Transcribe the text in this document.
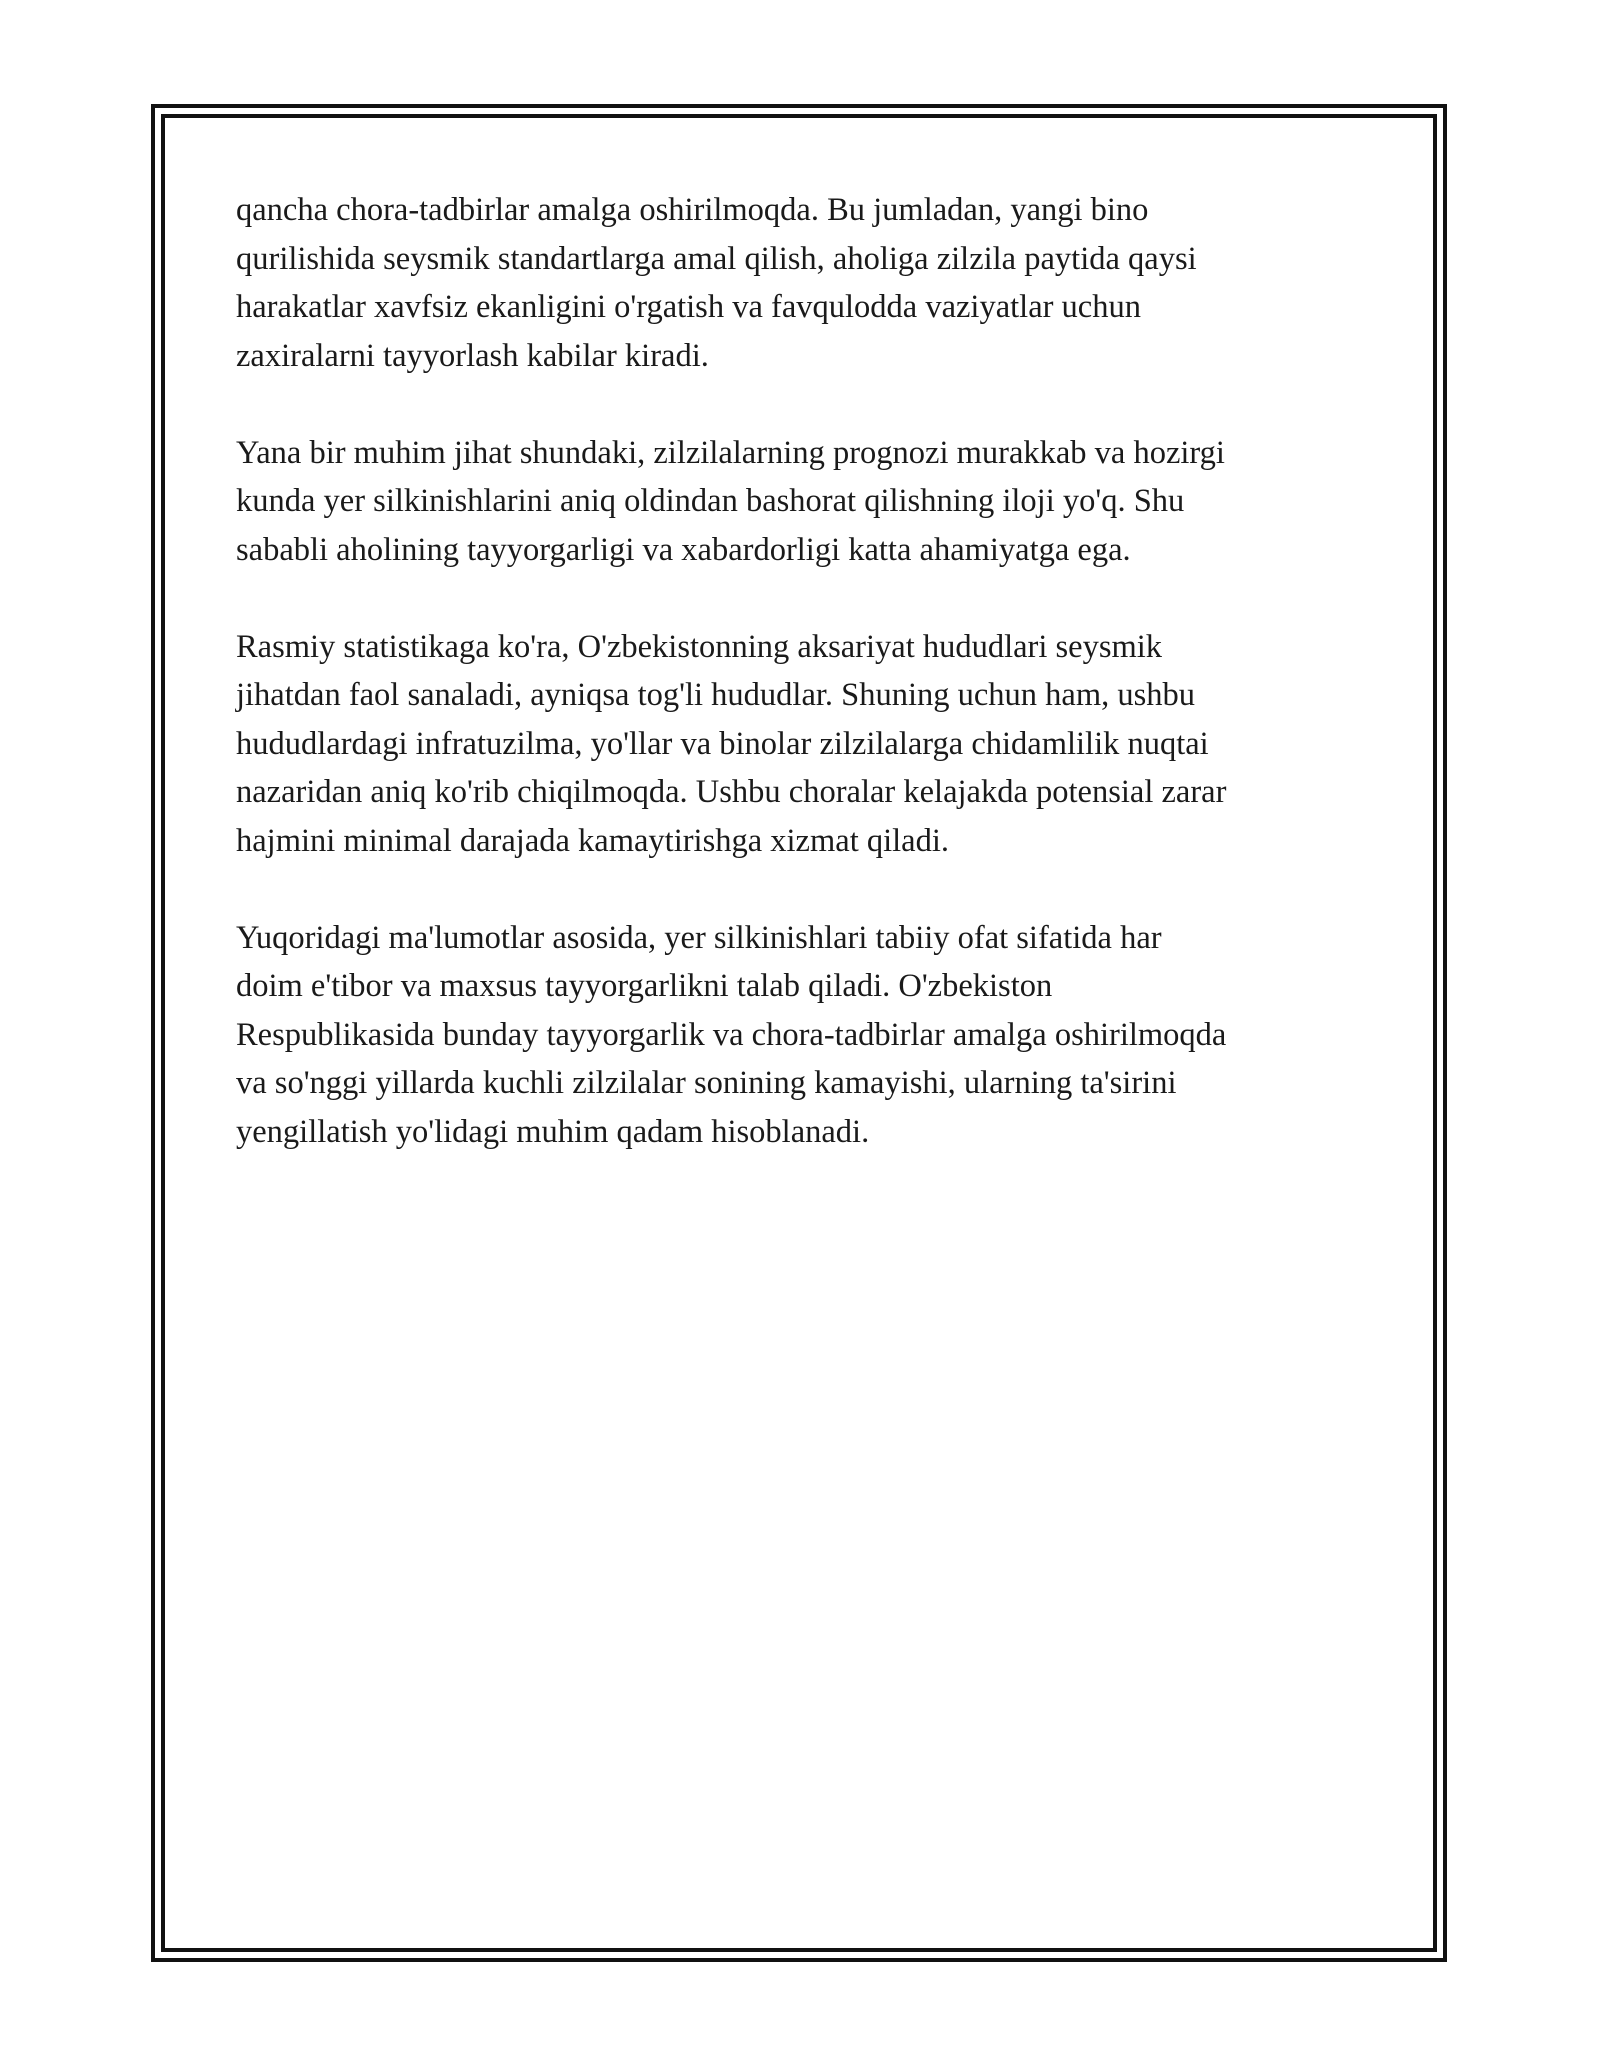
qancha chora-tadbirlar amalga oshirilmoqda. Bu jumladan, yangi bino
qurilishida seysmik standartlarga amal qilish, aholiga zilzila paytida qaysi
harakatlar xavfsiz ekanligini o'rgatish va favqulodda vaziyatlar uchun
zaxiralarni tayyorlash kabilar kiradi.

Yana bir muhim jihat shundaki, zilzilalarning prognozi murakkab va hozirgi
kunda yer silkinishlarini aniq oldindan bashorat qilishning iloji yo'q. Shu
sababli aholining tayyorgarligi va xabardorligi katta ahamiyatga ega.

Rasmiy statistikaga ko'ra, O'zbekistonning aksariyat hududlari seysmik
jihatdan faol sanaladi, ayniqsa tog'li hududlar. Shuning uchun ham, ushbu
hududlardagi infratuzilma, yo'llar va binolar zilzilalarga chidamlilik nuqtai
nazaridan aniq ko'rib chiqilmoqda. Ushbu choralar kelajakda potensial zarar
hajmini minimal darajada kamaytirishga xizmat qiladi.

Yuqoridagi ma'lumotlar asosida, yer silkinishlari tabiiy ofat sifatida har
doim e'tibor va maxsus tayyorgarlikni talab qiladi. O'zbekiston
Respublikasida bunday tayyorgarlik va chora-tadbirlar amalga oshirilmoqda
va so'nggi yillarda kuchli zilzilalar sonining kamayishi, ularning ta'sirini
yengillatish yo'lidagi muhim qadam hisoblanadi.
